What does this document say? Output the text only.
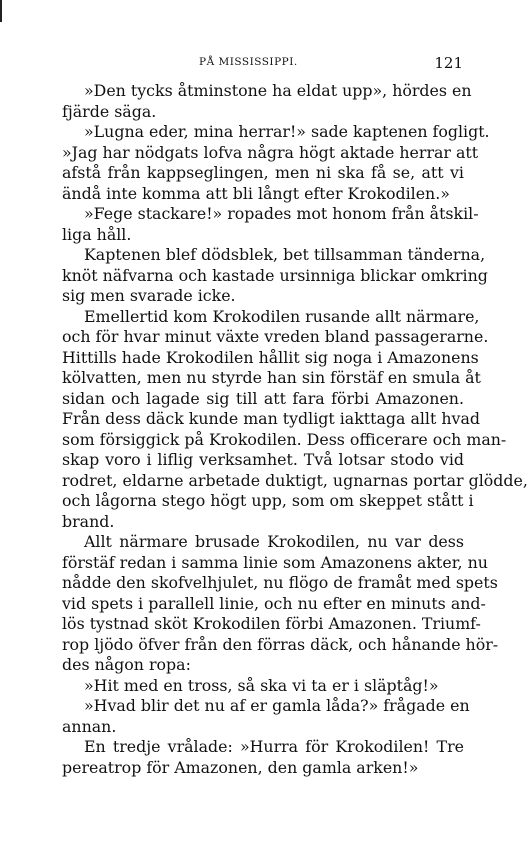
PÅ MISSISSIPPI.	121
»Den tycks åtminstone ha eldat upp», hördes en
fjärde säga.
»Lugna eder, mina herrar!» sade kaptenen fogligt.
»Jag har nödgats lofva några högt aktade herrar att
afstå från kappseglingen, men ni ska få se, att vi
ändå inte komma att bli långt efter Krokodilen.»
»Fege stackare!» ropades mot honom från åtskil-
liga håll.
Kaptenen blef dödsblek, bet tillsamman tänderna,
knöt näfvarna och kastade ursinniga blickar omkring
sig men svarade icke.
Emellertid kom Krokodilen rusande allt närmare,
och för hvar minut växte vreden bland passagerarne.
Hittills hade Krokodilen hållit sig noga i Amazonens
kölvatten, men nu styrde han sin förstäf en smula åt
sidan och lagade sig till att fara förbi Amazonen.
Från dess däck kunde man tydligt iakttaga allt hvad
som försiggick på Krokodilen. Dess officerare och man-
skap voro i liflig verksamhet. Två lotsar stodo vid
rodret, eldarne arbetade duktigt, ugnarnas portar glödde,
och lågorna stego högt upp, som om skeppet stått i
brand.
Allt närmare brusade Krokodilen, nu var dess
förstäf redan i samma linie som Amazonens akter, nu
nådde den skofvelhjulet, nu flögo de framåt med spets
vid spets i parallell linie, och nu efter en minuts and-
lös tystnad sköt Krokodilen förbi Amazonen. Triumf-
rop ljödo öfver från den förras däck, och hånande hör-
des någon ropa:
»Hit med en tross, så ska vi ta er i släptåg!»
»Hvad blir det nu af er gamla låda?» frågade en
annan.
En tredje vrålade: »Hurra för Krokodilen! Tre
pereatrop för Amazonen, den gamla arken!»
